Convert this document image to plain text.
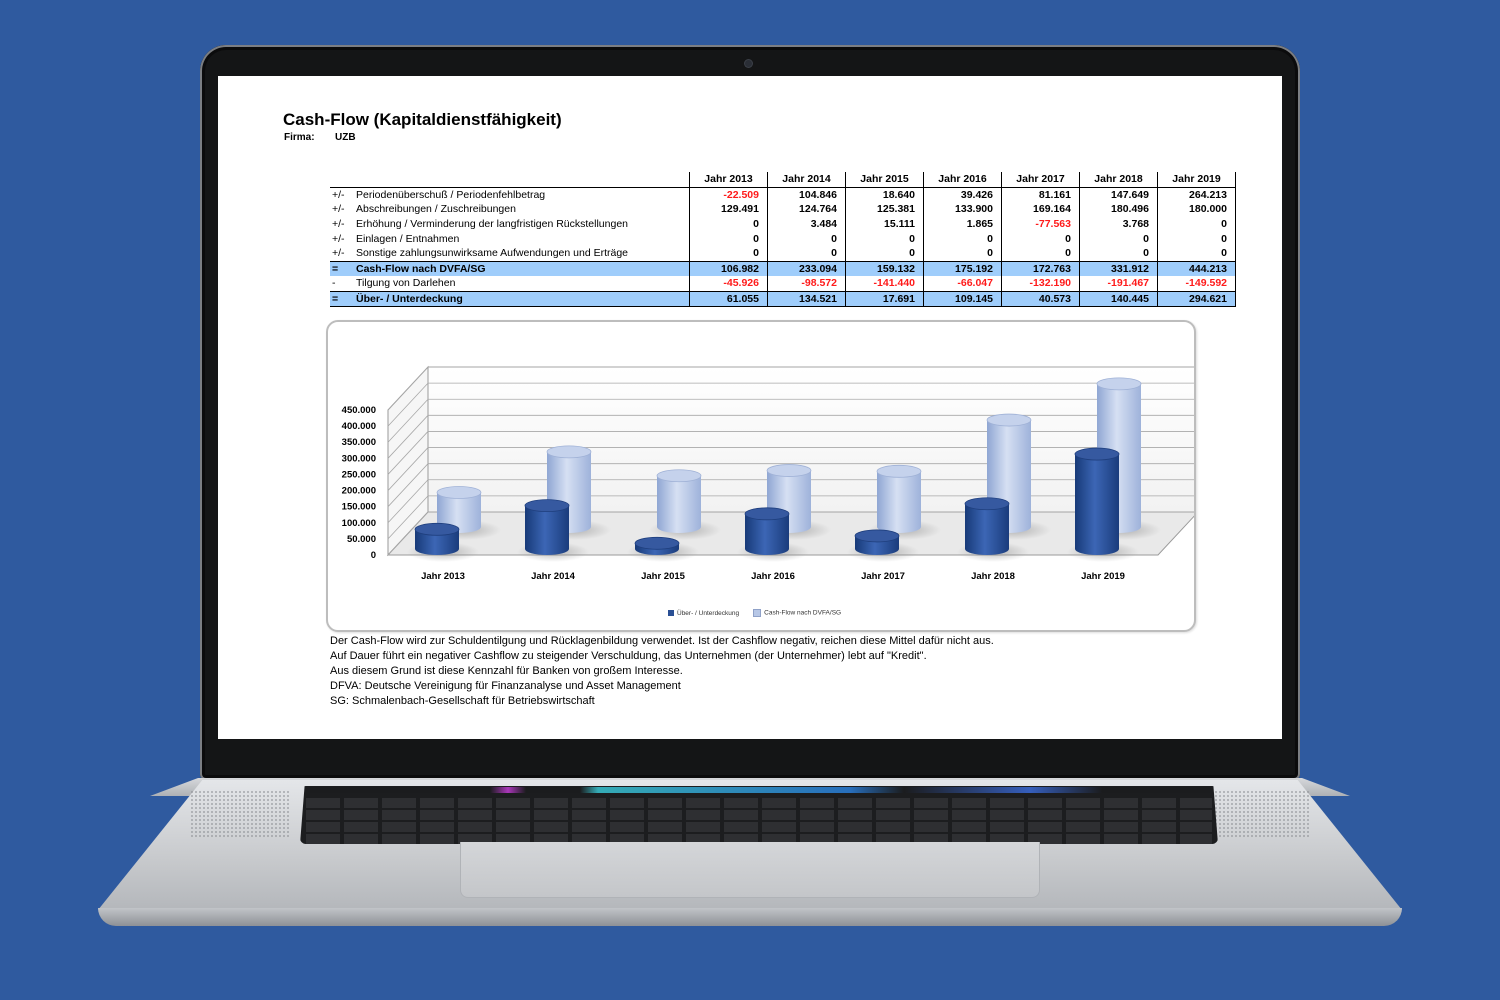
Cash-Flow (Kapitaldienstfähigkeit)
Firma: UZB
		Jahr 2013	Jahr 2014	Jahr 2015	Jahr 2016	Jahr 2017	Jahr 2018	Jahr 2019
+/-	Periodenüberschuß / Periodenfehlbetrag	-22.509	104.846	18.640	39.426	81.161	147.649	264.213
+/-	Abschreibungen / Zuschreibungen	129.491	124.764	125.381	133.900	169.164	180.496	180.000
+/-	Erhöhung / Verminderung der langfristigen Rückstellungen	0	3.484	15.111	1.865	-77.563	3.768	0
+/-	Einlagen / Entnahmen	0	0	0	0	0	0	0
+/-	Sonstige zahlungsunwirksame Aufwendungen und Erträge	0	0	0	0	0	0	0
=	Cash-Flow nach DVFA/SG	106.982	233.094	159.132	175.192	172.763	331.912	444.213
-	Tilgung von Darlehen	-45.926	-98.572	-141.440	-66.047	-132.190	-191.467	-149.592
=	Über- / Unterdeckung	61.055	134.521	17.691	109.145	40.573	140.445	294.621
0
50.000
100.000
150.000
200.000
250.000
300.000
350.000
400.000
450.000
Jahr 2013	Jahr 2014	Jahr 2015	Jahr 2016	Jahr 2017	Jahr 2018	Jahr 2019
Über- / Unterdeckung	Cash-Flow nach DVFA/SG
Der Cash-Flow wird zur Schuldentilgung und Rücklagenbildung verwendet. Ist der Cashflow negativ, reichen diese Mittel dafür nicht aus.
Auf Dauer führt ein negativer Cashflow zu steigender Verschuldung, das Unternehmen (der Unternehmer) lebt auf "Kredit".
Aus diesem Grund ist diese Kennzahl für Banken von großem Interesse.
DFVA: Deutsche Vereinigung für Finanzanalyse und Asset Management
SG: Schmalenbach-Gesellschaft für Betriebswirtschaft
